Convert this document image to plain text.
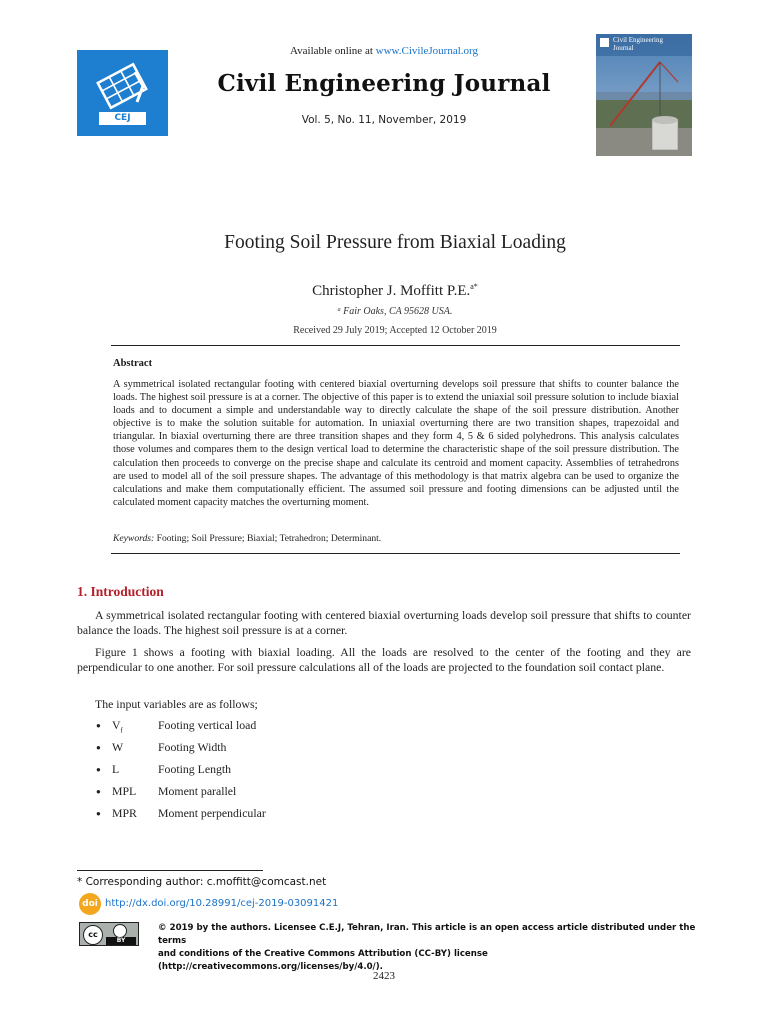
CEJ
Available online at www.CivileJournal.org
Civil Engineering Journal
Vol. 5, No. 11, November, 2019
Civil Engineering
Journal
Footing Soil Pressure from Biaxial Loading
Christopher J. Moffitt P.E.$^{a*}$
$^a$ Fair Oaks, CA 95628 USA.
Received 29 July 2019; Accepted 12 October 2019
Abstract
A symmetrical isolated rectangular footing with centered biaxial overturning develops soil pressure that shifts to counter balance the loads. The highest soil pressure is at a corner. The objective of this paper is to extend the uniaxial soil pressure solution to include biaxial loads and to document a simple and understandable way to directly calculate the shape of the soil pressure distribution. Another objective is to make the solution suitable for automation. In uniaxial overturning there are two transition shapes, trapezoidal and triangular. In biaxial overturning there are three transition shapes and they form 4, 5 & 6 sided polyhedrons. This analysis calculates those volumes and compares them to the design vertical load to determine the characteristic shape of the soil pressure distribution. The calculation then proceeds to converge on the precise shape and calculate its centroid and moment capacity. Assemblies of tetrahedrons are used to model all of the soil pressure shapes. The advantage of this methodology is that matrix algebra can be used to organize the calculations and make them computationally efficient. The assumed soil pressure and footing dimensions can be adjusted until the calculated moment capacity matches the overturning moment.
Keywords: Footing; Soil Pressure; Biaxial; Tetrahedron; Determinant.
1. Introduction
A symmetrical isolated rectangular footing with centered biaxial overturning loads develop soil pressure that shifts to counter balance the loads. The highest soil pressure is at a corner.
Figure 1 shows a footing with biaxial loading. All the loads are resolved to the center of the footing and they are perpendicular to one another. For soil pressure calculations all of the loads are projected to the foundation soil contact plane.
The input variables are as follows;
● $V_f$	Footing vertical load
● W	Footing Width
● L	Footing Length
● MPL Moment parallel
● MPR Moment perpendicular
* Corresponding author: c.moffitt@comcast.net
doi http://dx.doi.org/10.28991/cej-2019-03091421
cc
BY
© 2019 by the authors. Licensee C.E.J, Tehran, Iran. This article is an open access article distributed under the terms
and conditions of the Creative Commons Attribution (CC-BY) license (http://creativecommons.org/licenses/by/4.0/).
2423
